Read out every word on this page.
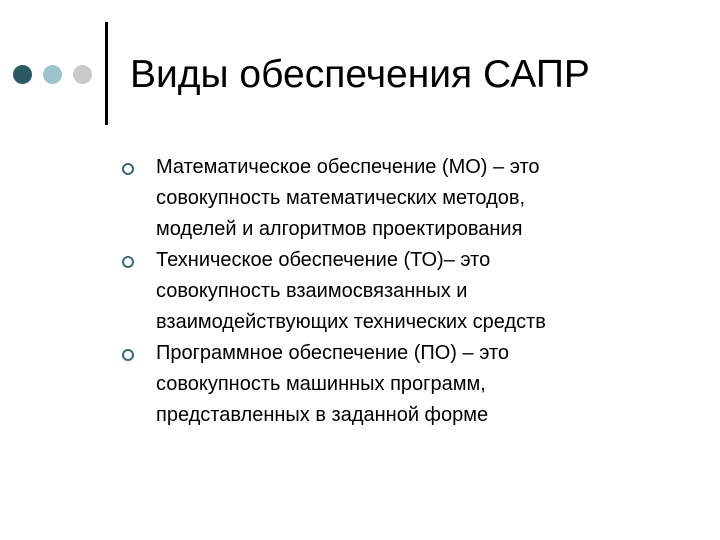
Виды обеспечения САПР
Математическое обеспечение (МО) – это
совокупность математических методов,
моделей и алгоритмов проектирования
Техническое обеспечение (ТО)– это
совокупность взаимосвязанных и
взаимодействующих технических средств
Программное обеспечение (ПО) – это
совокупность машинных программ,
представленных в заданной форме
